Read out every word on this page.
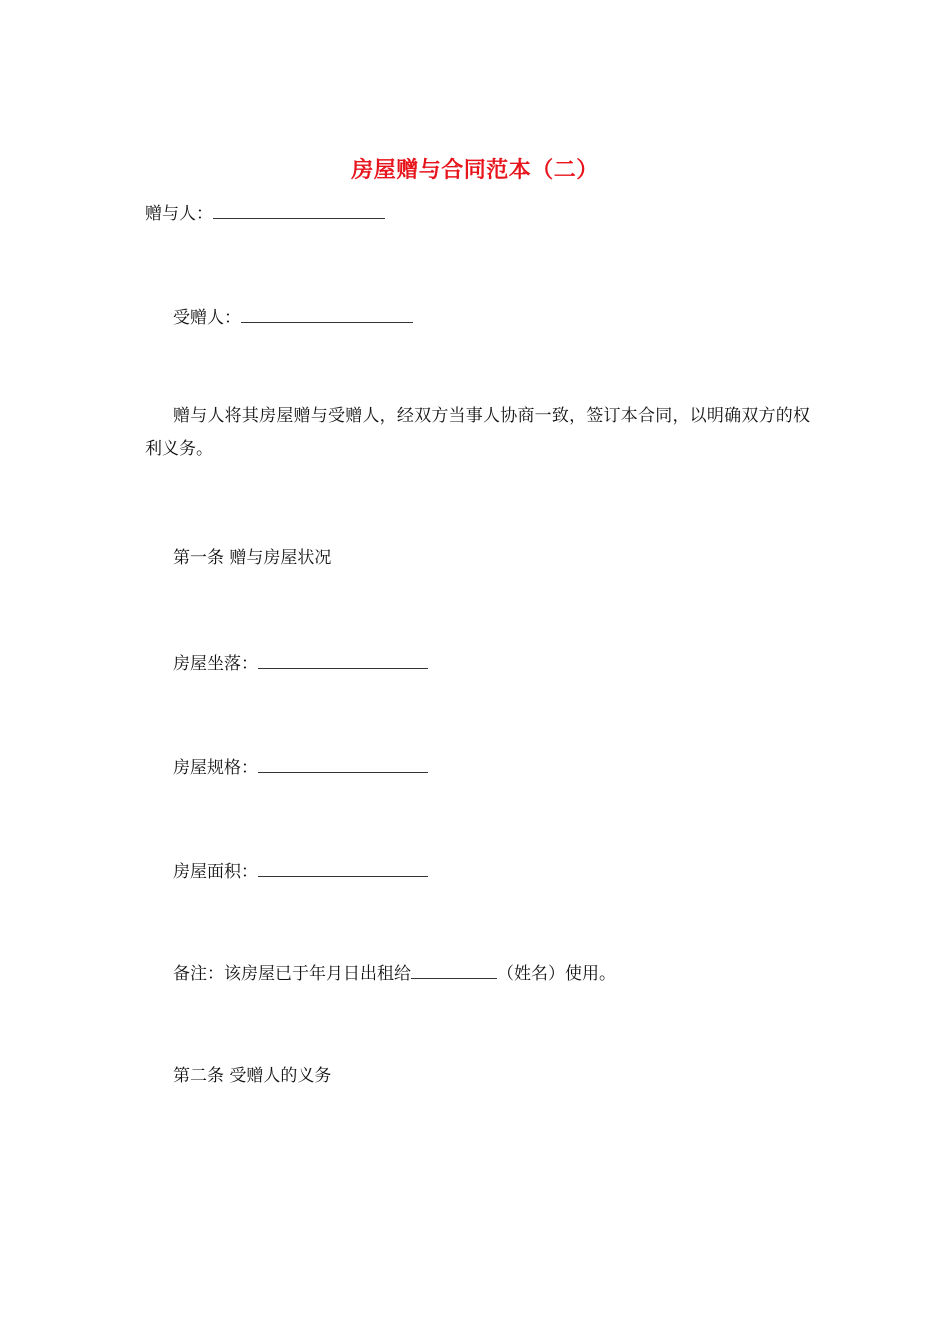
房屋赠与合同范本（二）
赠与人：
受赠人：
赠与人将其房屋赠与受赠人，经双方当事人协商一致，签订本合同，以明确双方的权利义务。
第一条 赠与房屋状况
房屋坐落：
房屋规格：
房屋面积：
备注：该房屋已于年月日出租给	（姓名）使用。
第二条 受赠人的义务
